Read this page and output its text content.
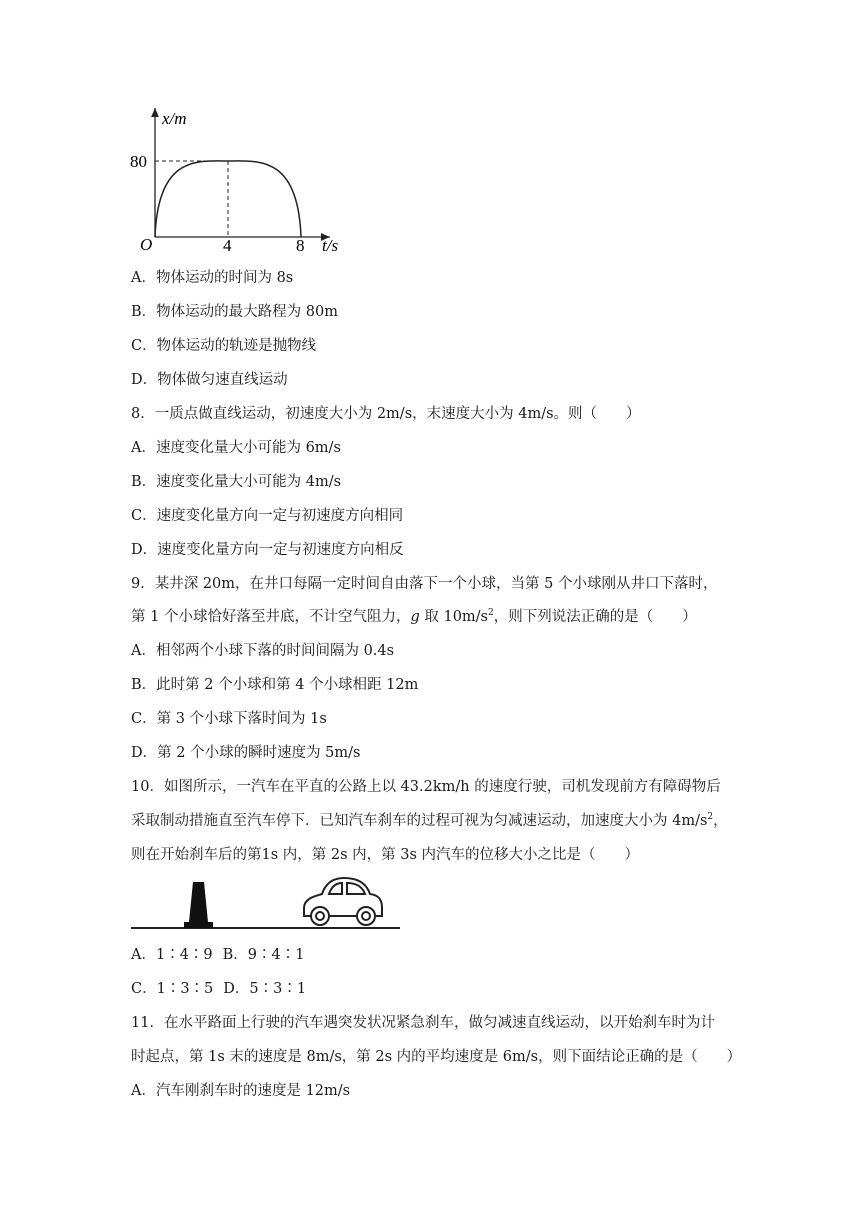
x/m
80
O	4	8 t/s
A．物体运动的时间为 8s
B．物体运动的最大路程为 80m
C．物体运动的轨迹是抛物线
D．物体做匀速直线运动
8．一质点做直线运动，初速度大小为 2m/s，末速度大小为 4m/s。则（　　）
A．速度变化量大小可能为 6m/s
B．速度变化量大小可能为 4m/s
C．速度变化量方向一定与初速度方向相同
D．速度变化量方向一定与初速度方向相反
9．某井深 20m，在井口每隔一定时间自由落下一个小球，当第 5 个小球刚从井口下落时，
第 1 个小球恰好落至井底，不计空气阻力，g 取 $10m/s^2$，则下列说法正确的是（　　）
A．相邻两个小球下落的时间间隔为 0.4s
B．此时第 2 个小球和第 4 个小球相距 12m
C．第 3 个小球下落时间为 1s
D．第 2 个小球的瞬时速度为 5m/s
10．如图所示，一汽车在平直的公路上以 43.2km/h 的速度行驶，司机发现前方有障碍物后
采取制动措施直至汽车停下．已知汽车刹车的过程可视为匀减速运动，加速度大小为 $4m/s^2$，
则在开始刹车后的第1s 内，第 2s 内，第 3s 内汽车的位移大小之比是（　　）
A．1∶4∶9 B．9∶4∶1
C．1∶3∶5 D．5∶3∶1
11．在水平路面上行驶的汽车遇突发状况紧急刹车，做匀减速直线运动，以开始刹车时为计
时起点，第 1s 末的速度是 8m/s，第 2s 内的平均速度是 6m/s，则下面结论正确的是（　　）
A．汽车刚刹车时的速度是 12m/s
